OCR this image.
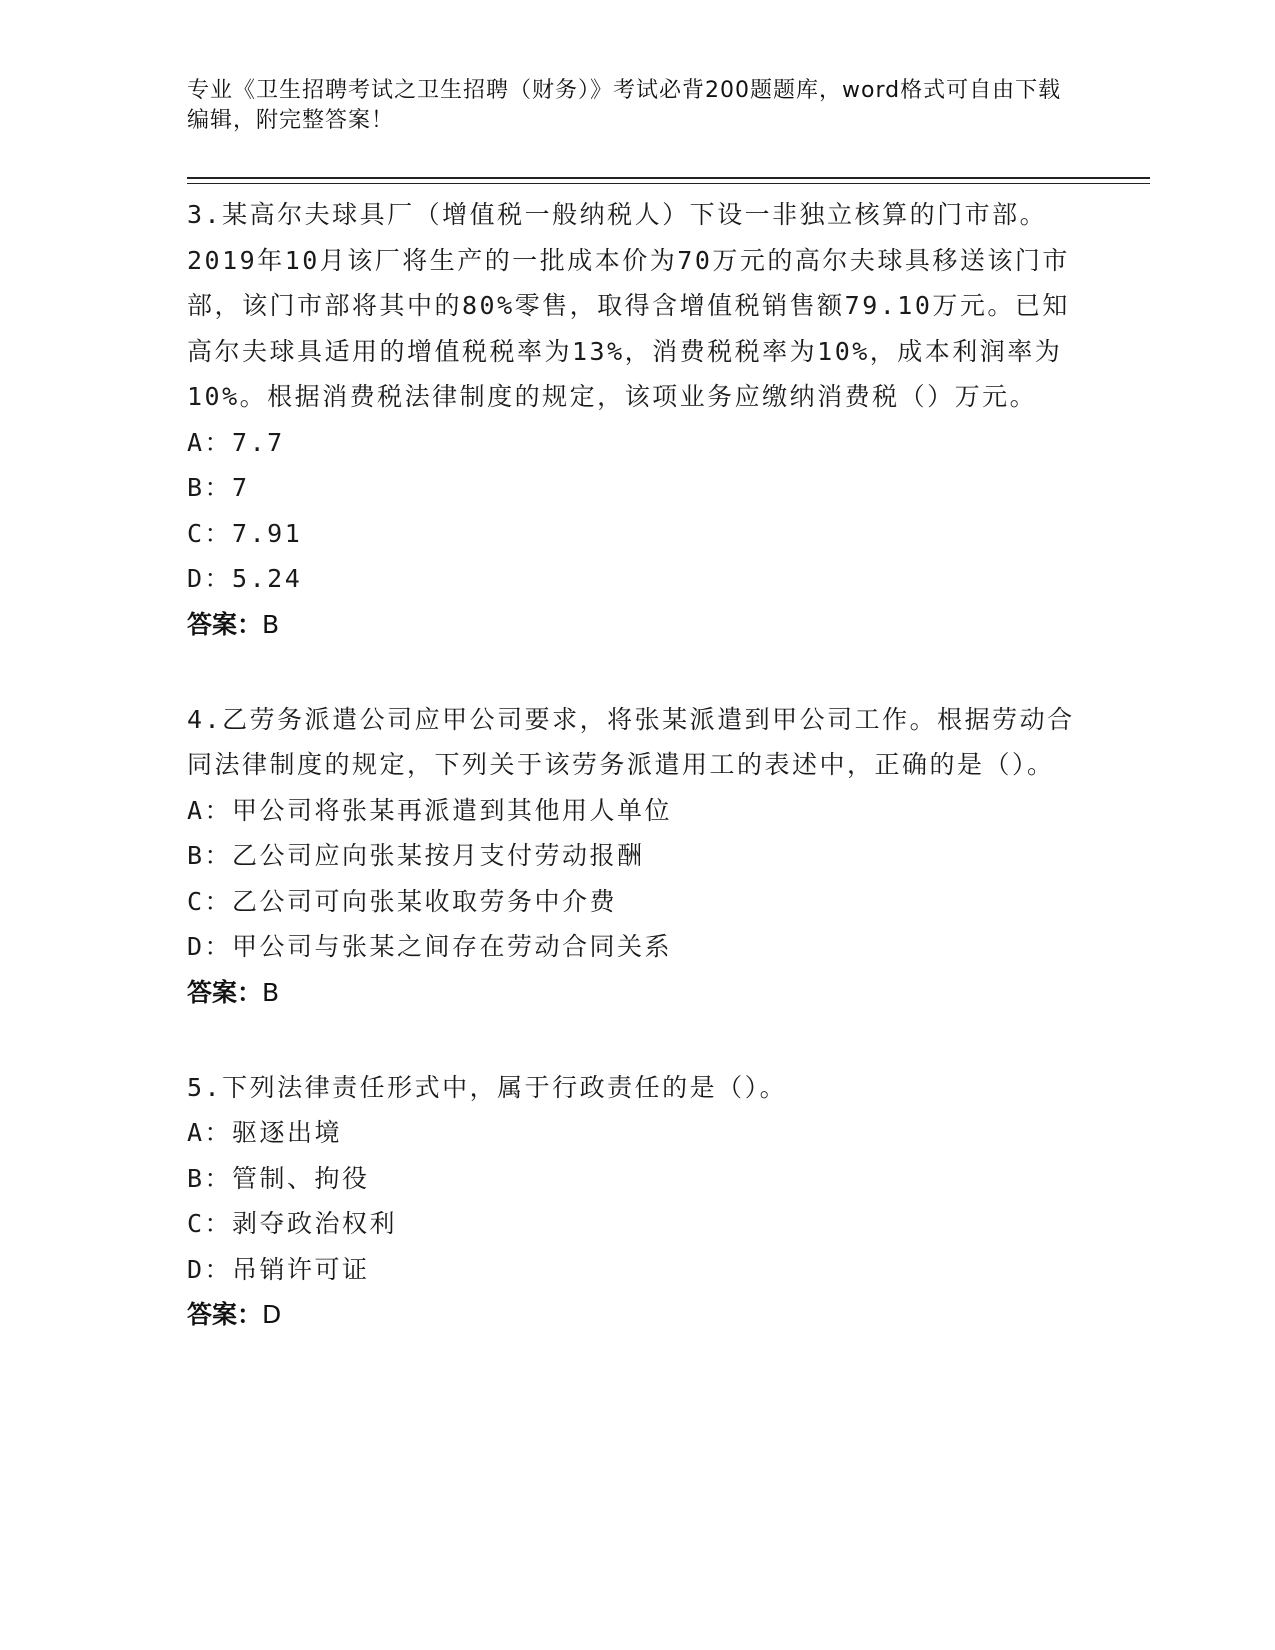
专业《卫生招聘考试之卫生招聘（财务）》考试必背200题题库，word格式可自由下载编辑，附完整答案！

3.某高尔夫球具厂（增值税一般纳税人）下设一非独立核算的门市部。2019年10月该厂将生产的一批成本价为70万元的高尔夫球具移送该门市部，该门市部将其中的80%零售，取得含增值税销售额79.10万元。已知高尔夫球具适用的增值税税率为13%，消费税税率为10%，成本利润率为10%。根据消费税法律制度的规定，该项业务应缴纳消费税（）万元。

A：7.7
B：7
C：7.91
D：5.24
答案：B

4.乙劳务派遣公司应甲公司要求，将张某派遣到甲公司工作。根据劳动合同法律制度的规定，下列关于该劳务派遣用工的表述中，正确的是（）。

A：甲公司将张某再派遣到其他用人单位
B：乙公司应向张某按月支付劳动报酬
C：乙公司可向张某收取劳务中介费
D：甲公司与张某之间存在劳动合同关系
答案：B

5.下列法律责任形式中，属于行政责任的是（）。

A：驱逐出境
B：管制、拘役
C：剥夺政治权利
D：吊销许可证
答案：D
